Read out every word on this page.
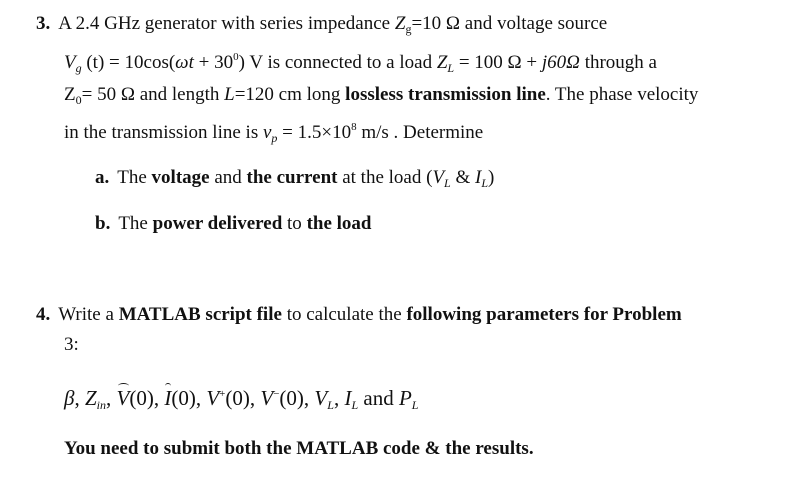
3. A 2.4 GHz generator with series impedance $Z_g=10$ Ω and voltage source
$V_g$ $(t) = 10\cos(\omega t + 30^0)$ V is connected to a load $Z_L = 100$ Ω + j60Ω through a
$Z_0= 50$ Ω and length L=120 cm long lossless transmission line. The phase velocity
in the transmission line is $v_p = 1.5\times 10^8$ m/s . Determine
a. The voltage and the current at the load ($V_L$ & $I_L$)
b. The power delivered to the load
4. Write a MATLAB script file to calculate the following parameters for Problem
3:
β, Zin, V(0), I(0), V+(0), V−(0), VL, IL and PL
You need to submit both the MATLAB code & the results.
